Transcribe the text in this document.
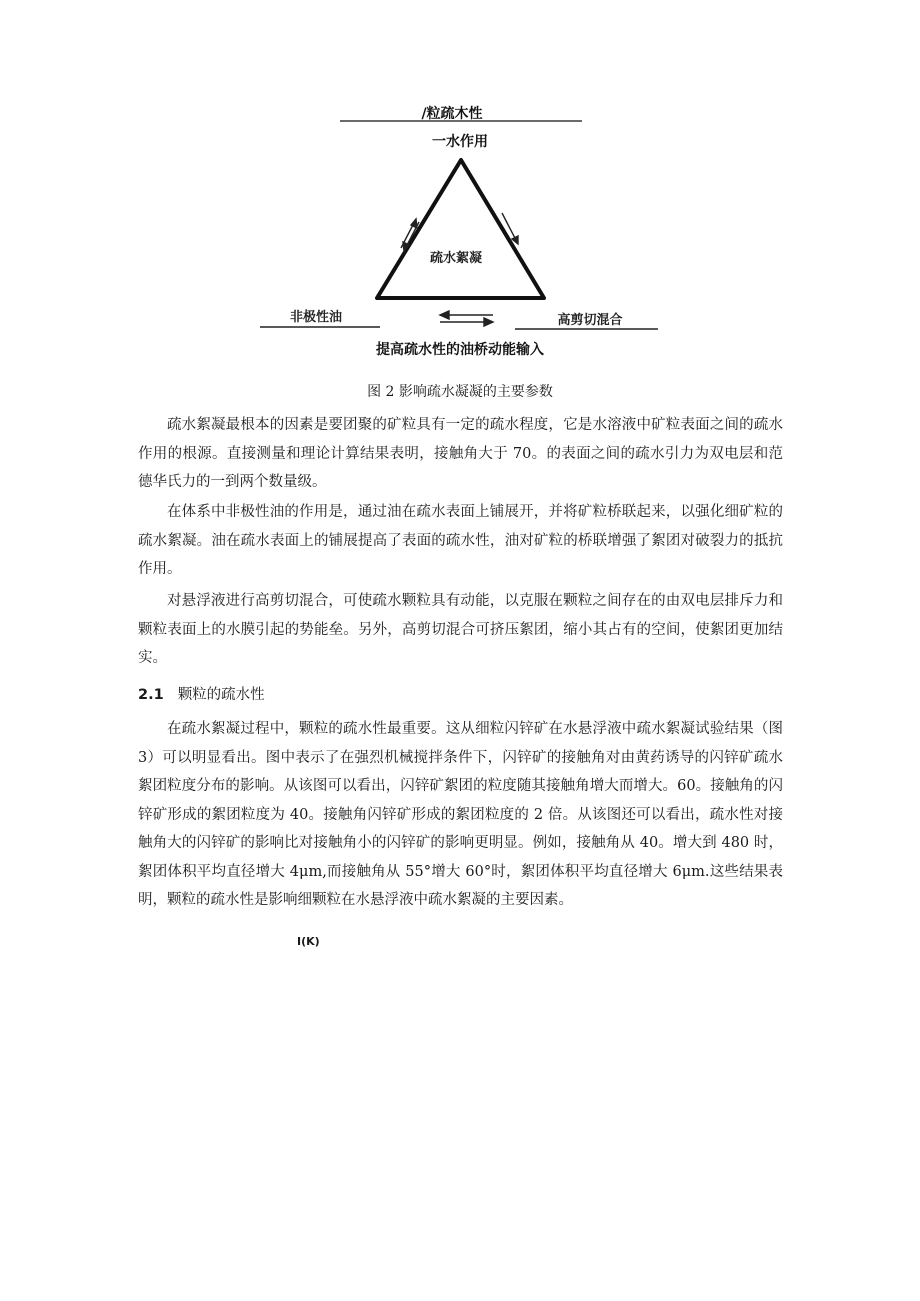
/粒疏木性
一水作用
疏水絮凝
非极性油	高剪切混合
提高疏水性的油桥动能输入
图 2 影响疏水凝凝的主要参数

疏水絮凝最根本的因素是要团聚的矿粒具有一定的疏水程度，它是水溶液中矿粒表面之间的疏水作用的根源。直接测量和理论计算结果表明，接触角大于 70。的表面之间的疏水引力为双电层和范德华氏力的一到两个数量级。

在体系中非极性油的作用是，通过油在疏水表面上铺展开，并将矿粒桥联起来，以强化细矿粒的疏水絮凝。油在疏水表面上的铺展提高了表面的疏水性，油对矿粒的桥联增强了絮团对破裂力的抵抗作用。

对悬浮液进行高剪切混合，可使疏水颗粒具有动能，以克服在颗粒之间存在的由双电层排斥力和颗粒表面上的水膜引起的势能垒。另外，高剪切混合可挤压絮团，缩小其占有的空间，使絮团更加结实。

2.1 颗粒的疏水性

在疏水絮凝过程中，颗粒的疏水性最重要。这从细粒闪锌矿在水悬浮液中疏水絮凝试验结果（图 3）可以明显看出。图中表示了在强烈机械搅拌条件下，闪锌矿的接触角对由黄药诱导的闪锌矿疏水絮团粒度分布的影响。从该图可以看出，闪锌矿絮团的粒度随其接触角增大而增大。60。接触角的闪锌矿形成的絮团粒度为 40。接触角闪锌矿形成的絮团粒度的 2 倍。从该图还可以看出，疏水性对接触角大的闪锌矿的影响比对接触角小的闪锌矿的影响更明显。例如，接触角从 40。增大到 480 时，絮团体积平均直径增大 4μm,而接触角从 55°增大 60°时，絮团体积平均直径增大 6μm.这些结果表明，颗粒的疏水性是影响细颗粒在水悬浮液中疏水絮凝的主要因素。

I(K)
